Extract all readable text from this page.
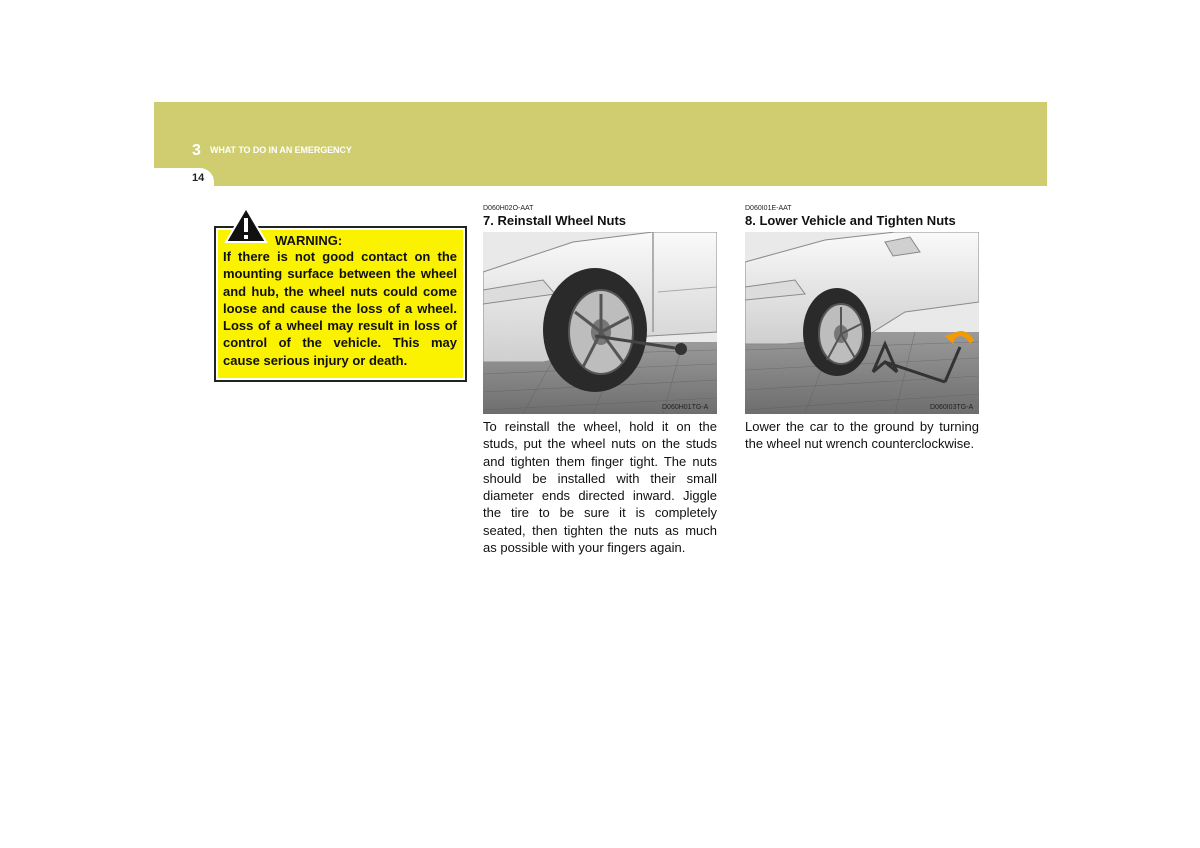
3 WHAT TO DO IN AN EMERGENCY
14
WARNING:

If there is not good contact on the mounting surface between the wheel and hub, the wheel nuts could come loose and cause the loss of a wheel. Loss of a wheel may result in loss of control of the vehicle. This may cause serious injury or death.

D060H02O-AAT
7. Reinstall Wheel Nuts
D060H01TG-A

To reinstall the wheel, hold it on the studs, put the wheel nuts on the studs and tighten them finger tight. The nuts should be installed with their small diameter ends directed inward. Jiggle the tire to be sure it is completely seated, then tighten the nuts as much as possible with your fingers again.

D060I01E-AAT
8. Lower Vehicle and Tighten Nuts
D060I03TG-A

Lower the car to the ground by turning the wheel nut wrench counterclockwise.
